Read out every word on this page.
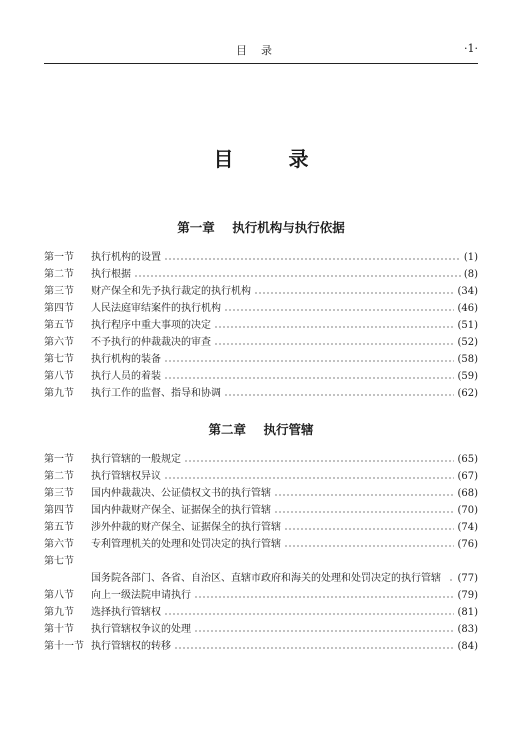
目录	·1·
目 录
第一章    执行机构与执行依据
第一节	执行机构的设置	(1)
第二节	执行根据	(8)
第三节	财产保全和先予执行裁定的执行机构	(34)
第四节	人民法庭审结案件的执行机构	(46)
第五节	执行程序中重大事项的决定	(51)
第六节	不予执行的仲裁裁决的审查	(52)
第七节	执行机构的装备	(58)
第八节	执行人员的着装	(59)
第九节	执行工作的监督、指导和协调	(62)
第二章    执行管辖
第一节	执行管辖的一般规定	(65)
第二节	执行管辖权异议	(67)
第三节	国内仲裁裁决、公证债权文书的执行管辖	(68)
第四节	国内仲裁财产保全、证据保全的执行管辖	(70)
第五节	涉外仲裁的财产保全、证据保全的执行管辖	(74)
第六节	专利管理机关的处理和处罚决定的执行管辖	(76)
第七节
国务院各部门、各省、自治区、直辖市政府和海关的处理和处罚决定的执行管辖	(77)
第八节	向上一级法院申请执行	(79)
第九节	选择执行管辖权	(81)
第十节	执行管辖权争议的处理	(83)
第十一节 执行管辖权的转移	(84)
